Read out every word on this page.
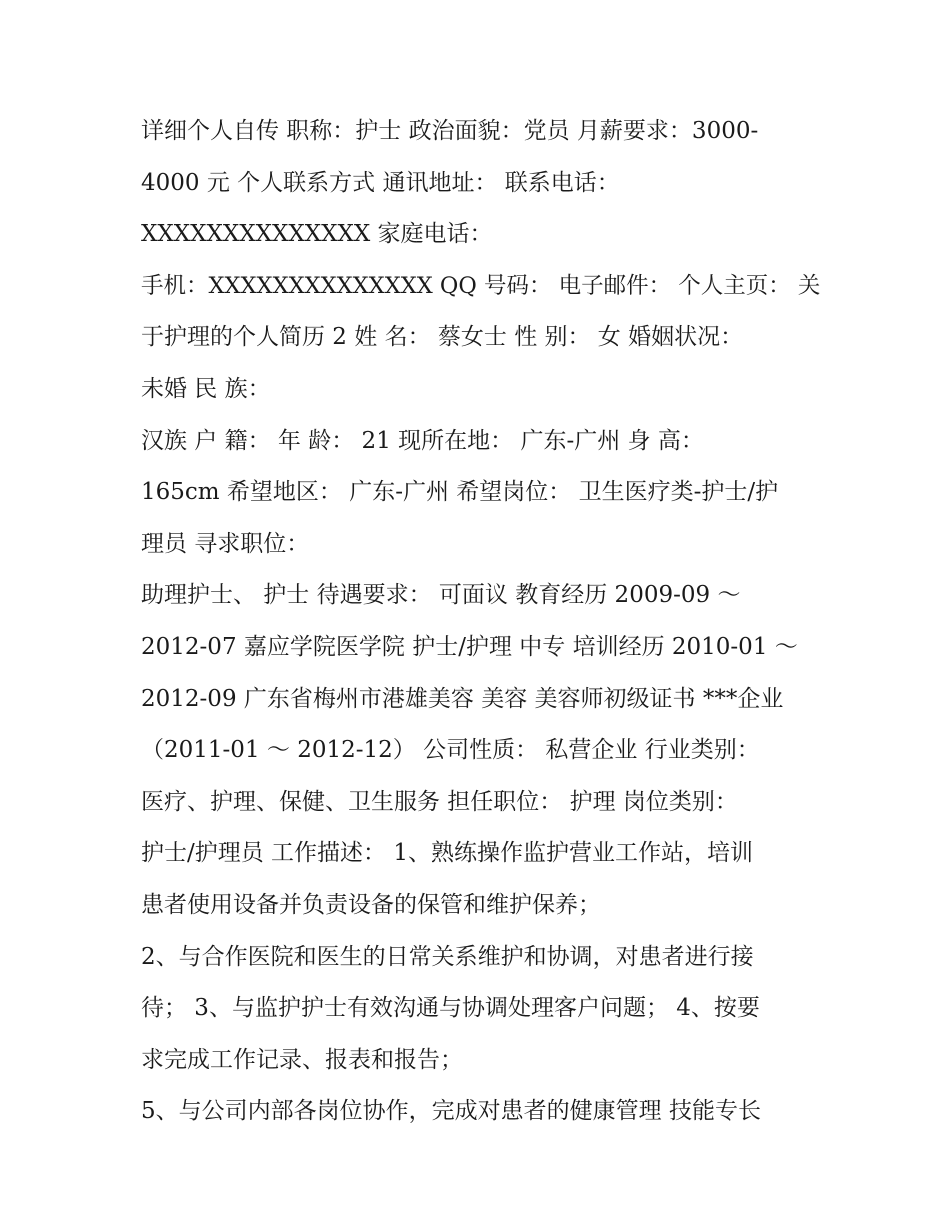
详细个人自传 职称：护士 政治面貌：党员 月薪要求：3000-
4000 元 个人联系方式 通讯地址： 联系电话：
XXXXXXXXXXXXXX 家庭电话：
手机：XXXXXXXXXXXXXX QQ 号码： 电子邮件： 个人主页： 关
于护理的个人简历 2 姓 名： 蔡女士 性 别： 女 婚姻状况：
未婚 民 族：
汉族 户 籍： 年 龄： 21 现所在地： 广东-广州 身 高：
165cm 希望地区： 广东-广州 希望岗位： 卫生医疗类-护士/护
理员 寻求职位：
助理护士、 护士 待遇要求： 可面议 教育经历 2009-09 ～
2012-07 嘉应学院医学院 护士/护理 中专 培训经历 2010-01 ～
2012-09 广东省梅州市港雄美容 美容 美容师初级证书 ***企业
（2011-01 ～ 2012-12） 公司性质： 私营企业 行业类别：
医疗、护理、保健、卫生服务 担任职位： 护理 岗位类别：
护士/护理员 工作描述： 1、熟练操作监护营业工作站，培训
患者使用设备并负责设备的保管和维护保养；
2、与合作医院和医生的日常关系维护和协调，对患者进行接
待； 3、与监护护士有效沟通与协调处理客户问题； 4、按要
求完成工作记录、报表和报告；
5、与公司内部各岗位协作，完成对患者的健康管理 技能专长
